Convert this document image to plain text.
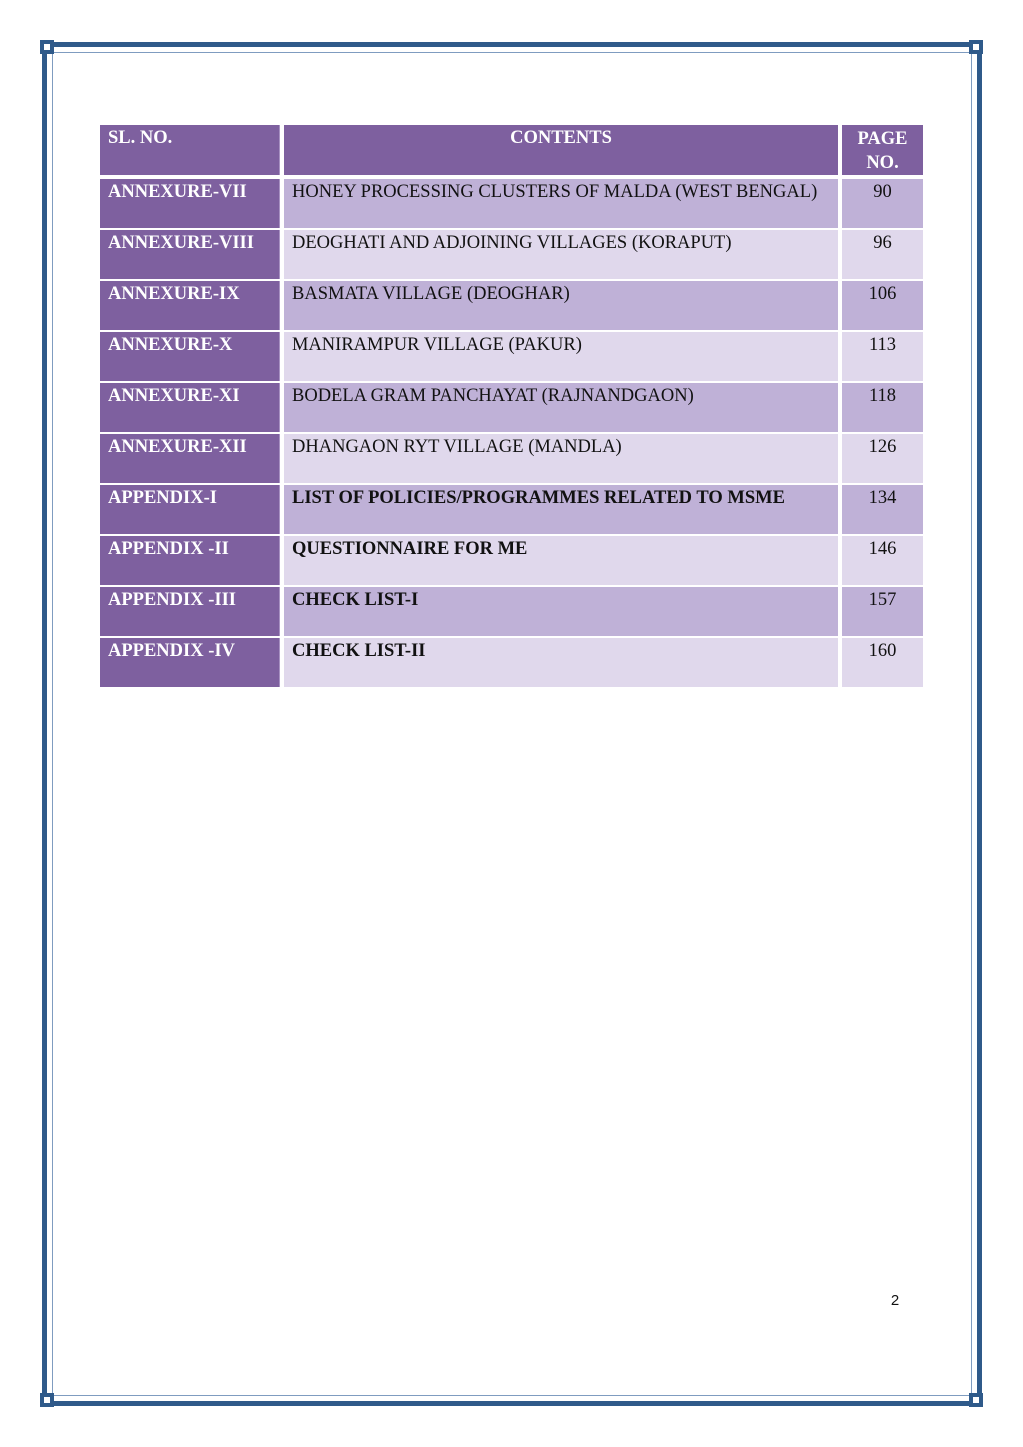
SL. NO.	CONTENTS	PAGE
NO.
ANNEXURE-VII	HONEY PROCESSING CLUSTERS OF MALDA (WEST BENGAL)	90
ANNEXURE-VIII	DEOGHATI AND ADJOINING VILLAGES (KORAPUT)	96
ANNEXURE-IX	BASMATA VILLAGE (DEOGHAR)	106
ANNEXURE-X	MANIRAMPUR VILLAGE (PAKUR)	113
ANNEXURE-XI	BODELA GRAM PANCHAYAT (RAJNANDGAON)	118
ANNEXURE-XII	DHANGAON RYT VILLAGE (MANDLA)	126
APPENDIX-I	LIST OF POLICIES/PROGRAMMES RELATED TO MSME	134
APPENDIX -II	QUESTIONNAIRE FOR ME	146
APPENDIX -III	CHECK LIST-I	157
APPENDIX -IV	CHECK LIST-II	160
2
